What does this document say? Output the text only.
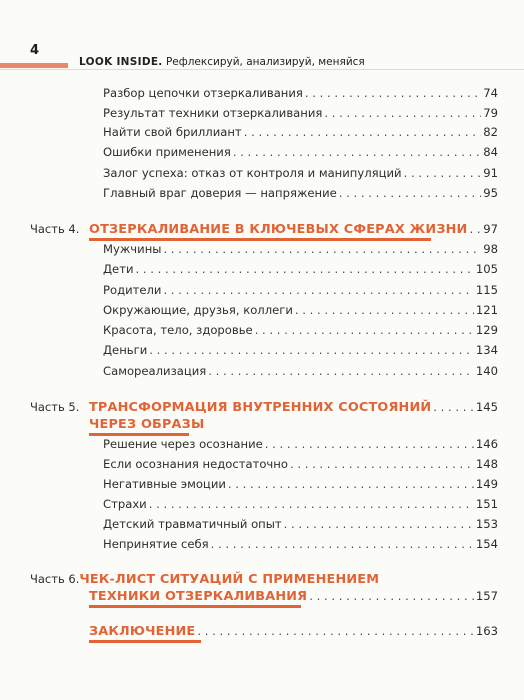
4
LOOK INSIDE. Рефлексируй, анализируй, меняйся
Разбор цепочки отзеркаливания . . .	74
Результат техники отзеркаливания . . .	79
Найти свой бриллиант . . .	82
Ошибки применения . . .	84
Залог успеха: отказ от контроля и манипуляций . . .	91
Главный враг доверия — напряжение . . .	95
Часть 4. ОТЗЕРКАЛИВАНИЕ В КЛЮЧЕВЫХ СФЕРАХ ЖИЗНИ . . . 97
Мужчины . . .	98
Дети . . .	105
Родители . . .	115
Окружающие, друзья, коллеги . . .	121
Красота, тело, здоровье . . .	129
Деньги . . .	134
Самореализация . . .	140
Часть 5. ТРАНСФОРМАЦИЯ ВНУТРЕННИХ СОСТОЯНИЙ . . .	145
ЧЕРЕЗ ОБРАЗЫ
Решение через осознание . . .	146
Если осознания недостаточно . . .	148
Негативные эмоции . . .	149
Страхи . . .	151
Детский травматичный опыт . . .	153
Непринятие себя . . .	154
Часть 6. ЧЕК-ЛИСТ СИТУАЦИЙ С ПРИМЕНЕНИЕМ
ТЕХНИКИ ОТЗЕРКАЛИВАНИЯ . . .	157
ЗАКЛЮЧЕНИЕ . . .	163
